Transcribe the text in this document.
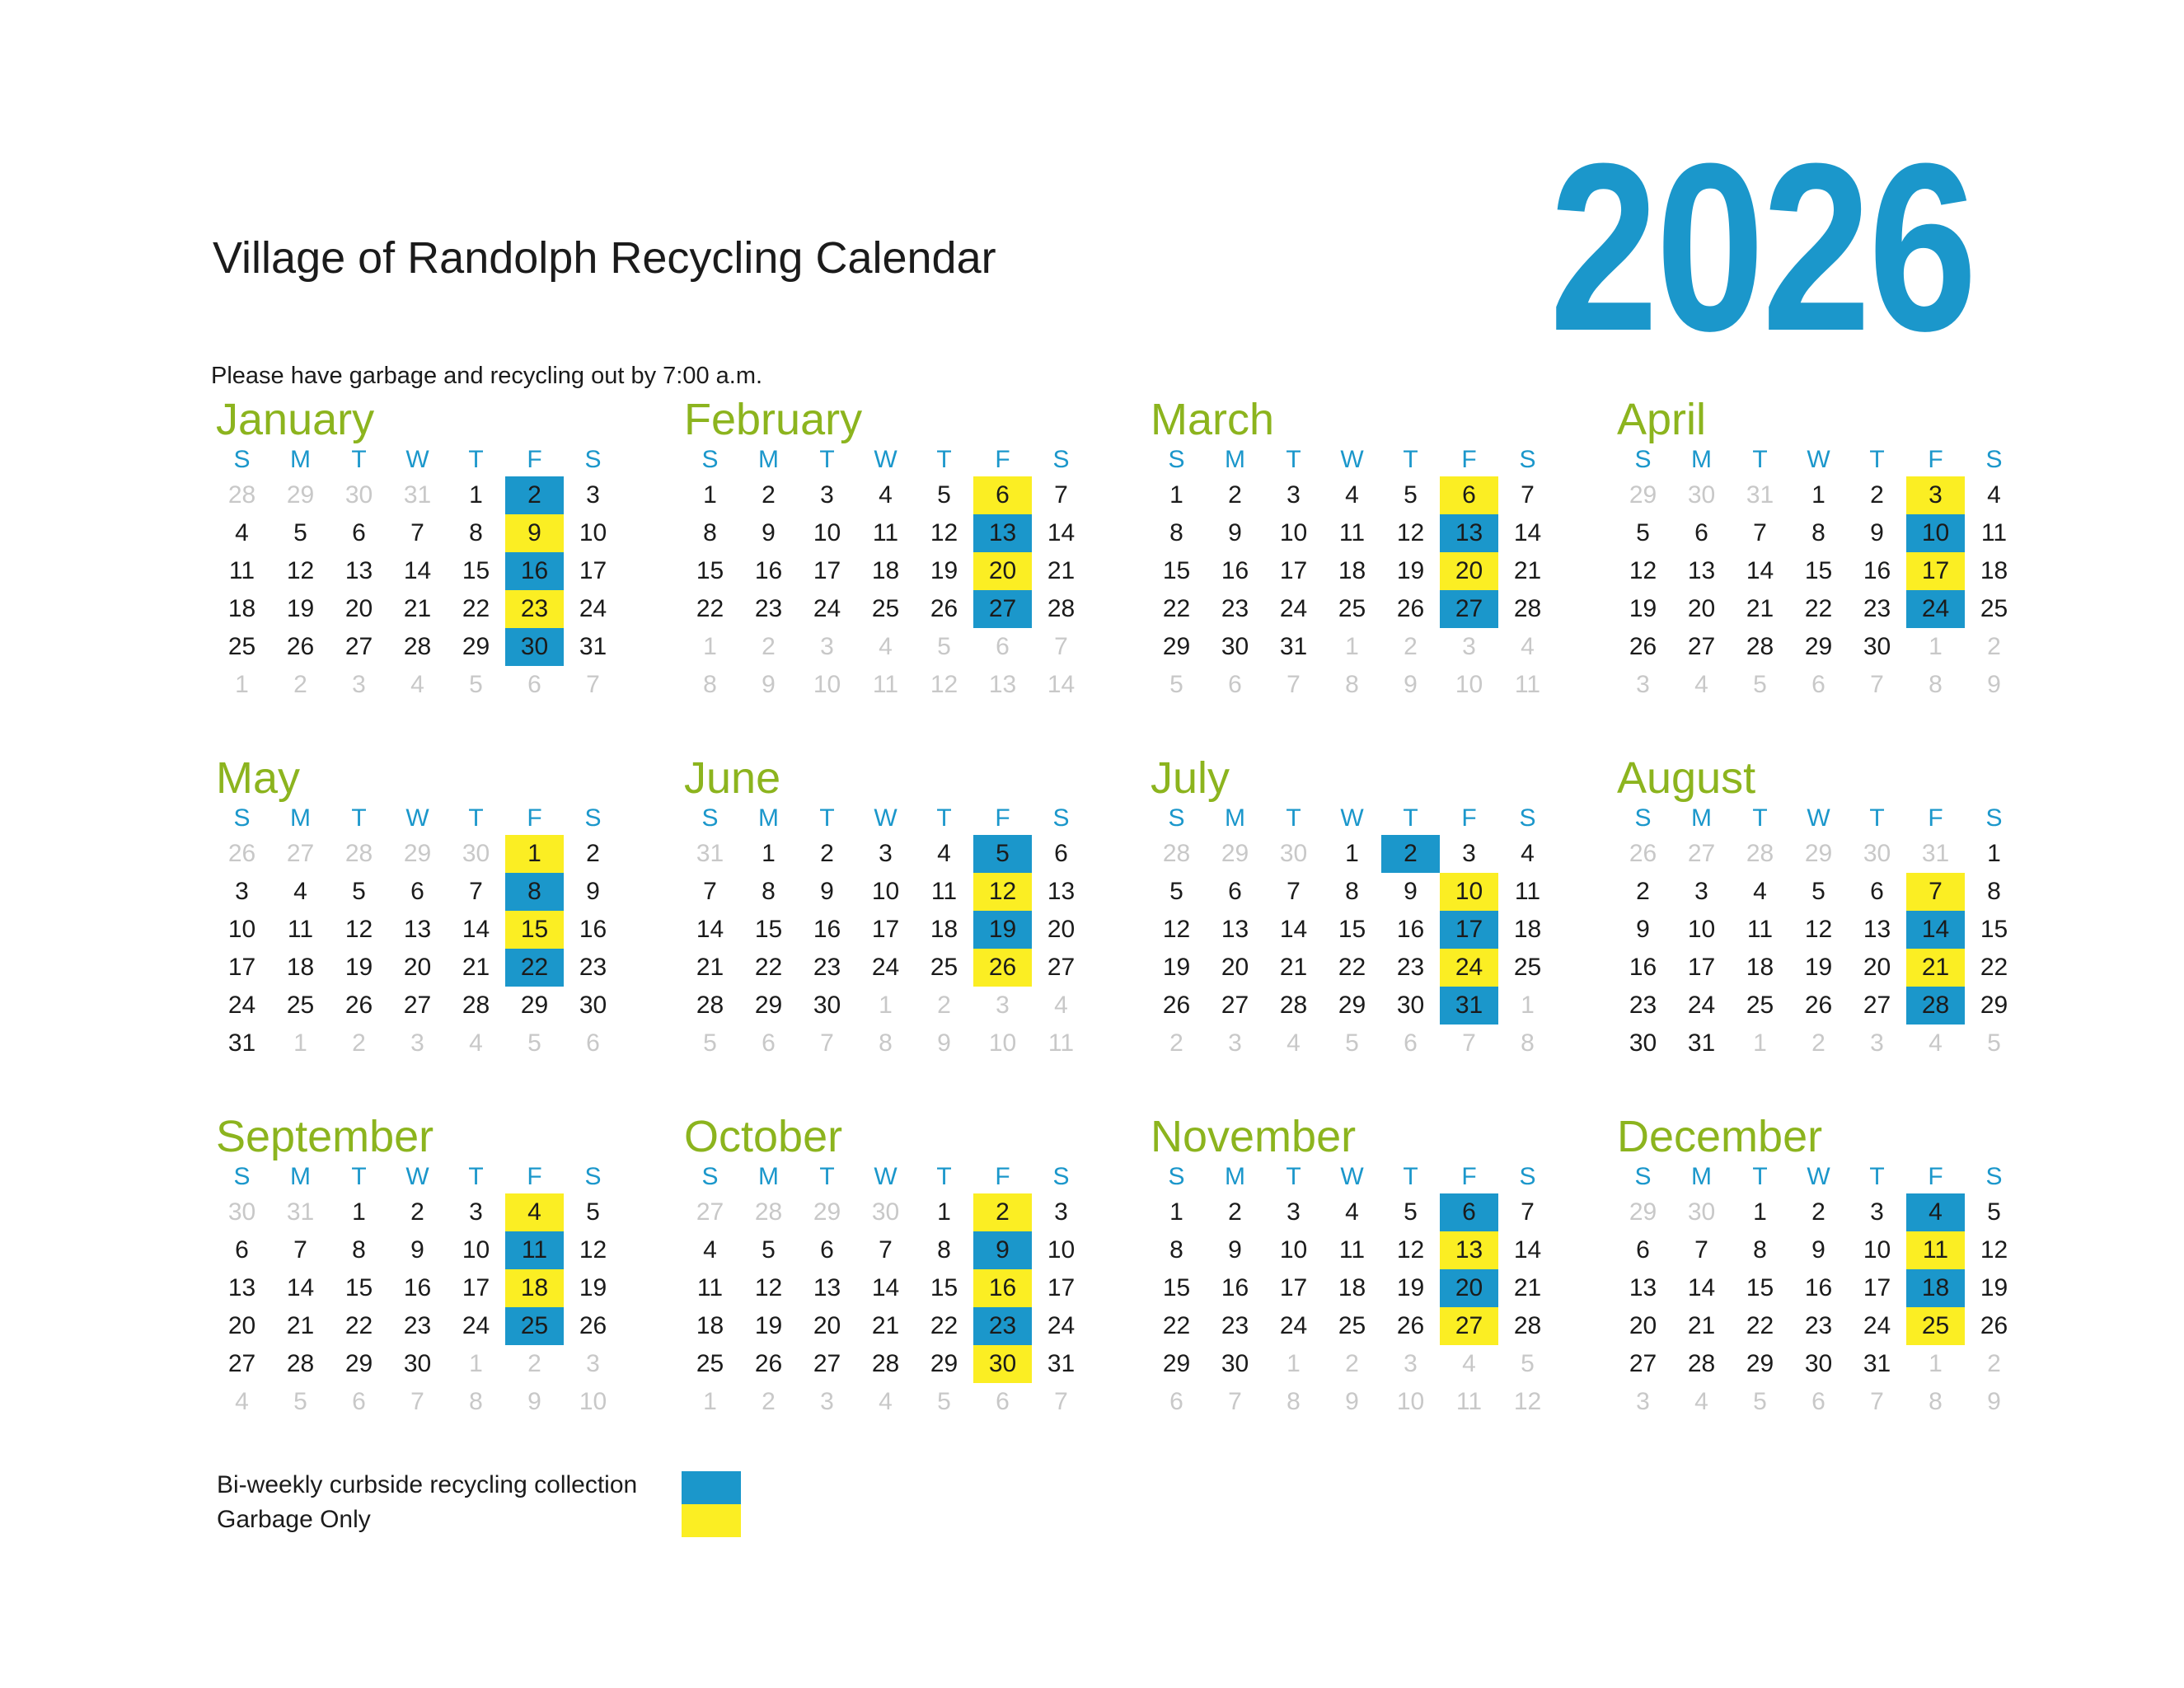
Village of Randolph Recycling Calendar 2026
Please have garbage and recycling out by 7:00 a.m.
January
S	M	T	W	T	F	S
28	29	30	31	1	2	3
4	5	6	7	8	9	10
11	12	13	14	15	16	17
18	19	20	21	22	23	24
25	26	27	28	29	30	31
1	2	3	4	5	6	7
February
S	M	T	W	T	F	S
1	2	3	4	5	6	7
8	9	10	11	12	13	14
15	16	17	18	19	20	21
22	23	24	25	26	27	28
1	2	3	4	5	6	7
8	9	10	11	12	13	14
March
S	M	T	W	T	F	S
1	2	3	4	5	6	7
8	9	10	11	12	13	14
15	16	17	18	19	20	21
22	23	24	25	26	27	28
29	30	31	1	2	3	4
5	6	7	8	9	10	11
April
S	M	T	W	T	F	S
29	30	31	1	2	3	4
5	6	7	8	9	10	11
12	13	14	15	16	17	18
19	20	21	22	23	24	25
26	27	28	29	30	1	2
3	4	5	6	7	8	9
May
S	M	T	W	T	F	S
26	27	28	29	30	1	2
3	4	5	6	7	8	9
10	11	12	13	14	15	16
17	18	19	20	21	22	23
24	25	26	27	28	29	30
31	1	2	3	4	5	6
June
S	M	T	W	T	F	S
31	1	2	3	4	5	6
7	8	9	10	11	12	13
14	15	16	17	18	19	20
21	22	23	24	25	26	27
28	29	30	1	2	3	4
5	6	7	8	9	10	11
July
S	M	T	W	T	F	S
28	29	30	1	2	3	4
5	6	7	8	9	10	11
12	13	14	15	16	17	18
19	20	21	22	23	24	25
26	27	28	29	30	31	1
2	3	4	5	6	7	8
August
S	M	T	W	T	F	S
26	27	28	29	30	31	1
2	3	4	5	6	7	8
9	10	11	12	13	14	15
16	17	18	19	20	21	22
23	24	25	26	27	28	29
30	31	1	2	3	4	5
September
S	M	T	W	T	F	S
30	31	1	2	3	4	5
6	7	8	9	10	11	12
13	14	15	16	17	18	19
20	21	22	23	24	25	26
27	28	29	30	1	2	3
4	5	6	7	8	9	10
October
S	M	T	W	T	F	S
27	28	29	30	1	2	3
4	5	6	7	8	9	10
11	12	13	14	15	16	17
18	19	20	21	22	23	24
25	26	27	28	29	30	31
1	2	3	4	5	6	7
November
S	M	T	W	T	F	S
1	2	3	4	5	6	7
8	9	10	11	12	13	14
15	16	17	18	19	20	21
22	23	24	25	26	27	28
29	30	1	2	3	4	5
6	7	8	9	10	11	12
December
S	M	T	W	T	F	S
29	30	1	2	3	4	5
6	7	8	9	10	11	12
13	14	15	16	17	18	19
20	21	22	23	24	25	26
27	28	29	30	31	1	2
3	4	5	6	7	8	9
Bi-weekly curbside recycling collection
Garbage Only
